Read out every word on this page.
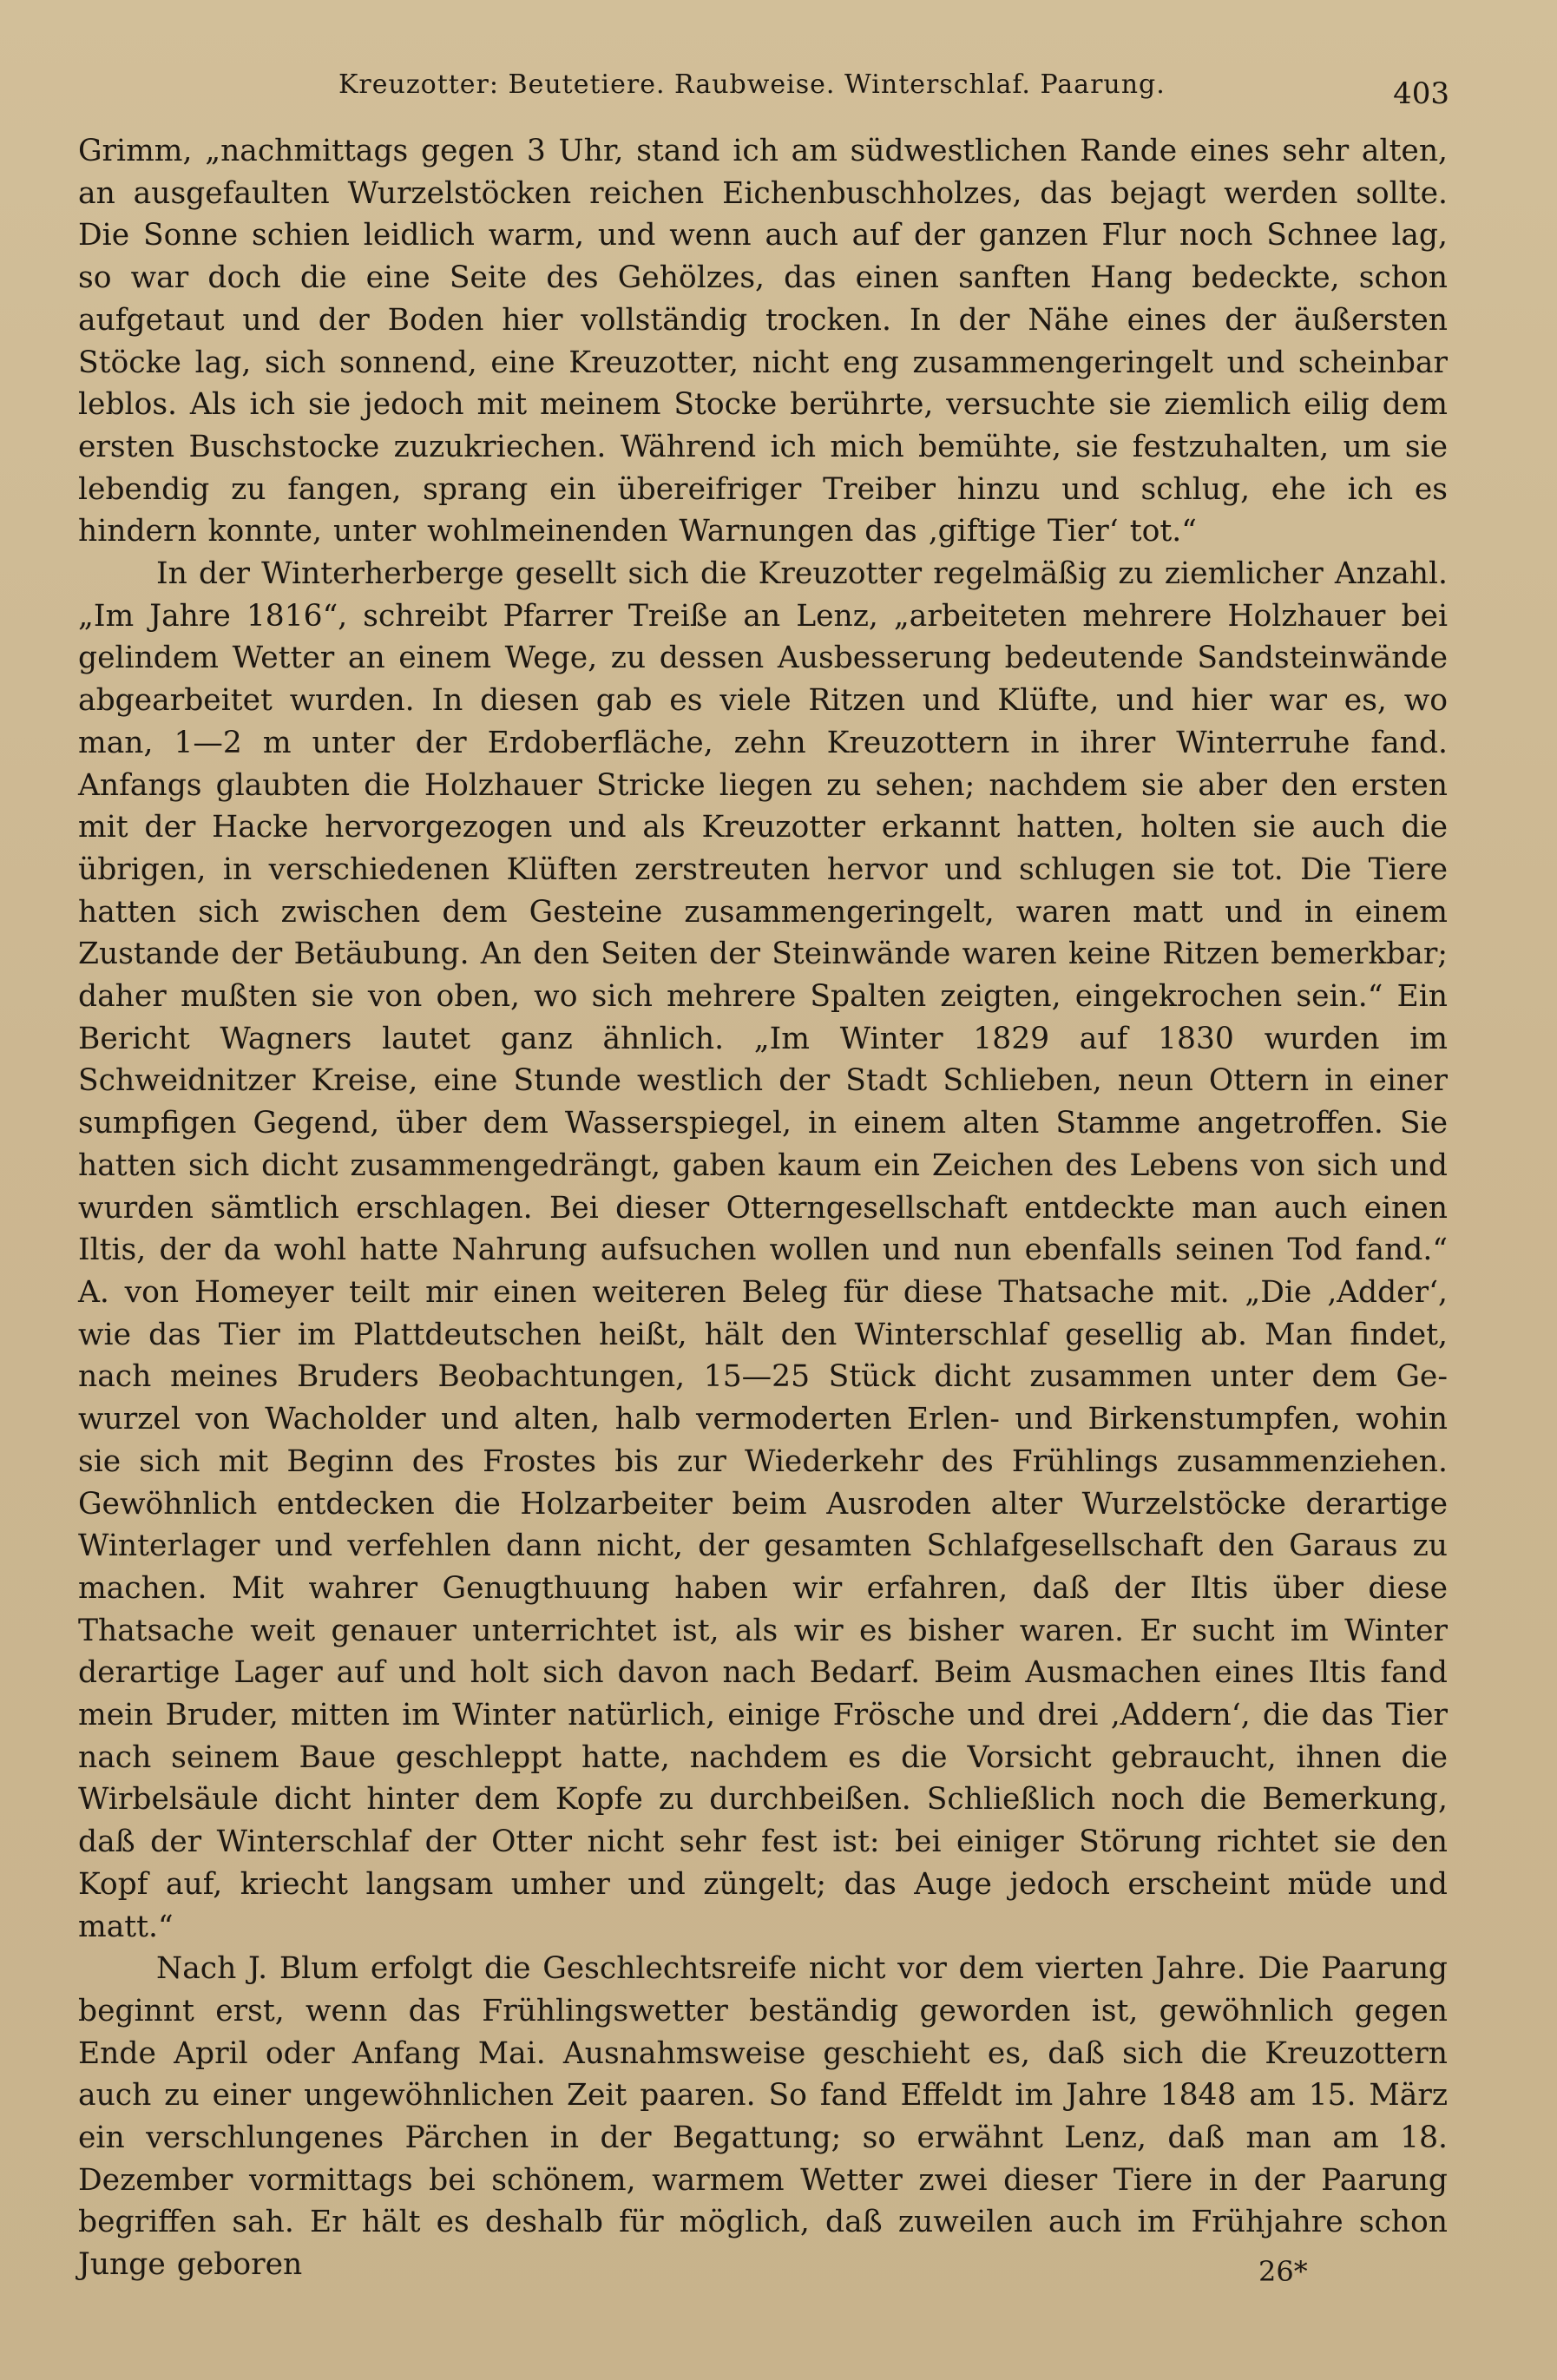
Kreuzotter: Beutetiere. Raubweise. Winterschlaf. Paarung.	403

Grimm, „nachmittags gegen 3 Uhr, stand ich am südwestlichen Rande eines sehr alten, an ausgefaulten Wurzelstöcken reichen Eichenbuschholzes, das bejagt werden sollte. Die Sonne schien leidlich warm, und wenn auch auf der ganzen Flur noch Schnee lag, so war doch die eine Seite des Gehölzes, das einen sanften Hang bedeckte, schon aufgetaut und der Boden hier vollständig trocken. In der Nähe eines der äußersten Stöcke lag, sich sonnend, eine Kreuzotter, nicht eng zusammengeringelt und scheinbar leblos. Als ich sie jedoch mit meinem Stocke berührte, versuchte sie ziemlich eilig dem ersten Buschstocke zuzukriechen. Während ich mich bemühte, sie festzuhalten, um sie lebendig zu fangen, sprang ein übereifriger Treiber hinzu und schlug, ehe ich es hindern konnte, unter wohlmeinenden Warnungen das ‚giftige Tier‘ tot.“

In der Winterherberge gesellt sich die Kreuzotter regelmäßig zu ziemlicher Anzahl. „Im Jahre 1816“, schreibt Pfarrer Treiße an Lenz, „arbeiteten mehrere Holzhauer bei gelindem Wetter an einem Wege, zu dessen Ausbesserung bedeutende Sandsteinwände abgearbeitet wurden. In diesen gab es viele Ritzen und Klüfte, und hier war es, wo man, 1—2 m unter der Erdoberfläche, zehn Kreuzottern in ihrer Winterruhe fand. Anfangs glaubten die Holzhauer Stricke liegen zu sehen; nachdem sie aber den ersten mit der Hacke hervorgezogen und als Kreuzotter erkannt hatten, holten sie auch die übrigen, in verschiedenen Klüften zerstreuten hervor und schlugen sie tot. Die Tiere hatten sich zwischen dem Gesteine zusammengeringelt, waren matt und in einem Zustande der Betäubung. An den Seiten der Steinwände waren keine Ritzen bemerkbar; daher mußten sie von oben, wo sich mehrere Spalten zeigten, eingekrochen sein.“ Ein Bericht Wagners lautet ganz ähnlich. „Im Winter 1829 auf 1830 wurden im Schweidnitzer Kreise, eine Stunde westlich der Stadt Schlieben, neun Ottern in einer sumpfigen Gegend, über dem Wasserspiegel, in einem alten Stamme angetroffen. Sie hatten sich dicht zusammengedrängt, gaben kaum ein Zeichen des Lebens von sich und wurden sämtlich erschlagen. Bei dieser Otterngesellschaft entdeckte man auch einen Iltis, der da wohl hatte Nahrung aufsuchen wollen und nun ebenfalls seinen Tod fand.“ A. von Homeyer teilt mir einen weiteren Beleg für diese Thatsache mit. „Die ‚Adder‘, wie das Tier im Plattdeutschen heißt, hält den Winterschlaf gesellig ab. Man findet, nach meines Bruders Beobachtungen, 15—25 Stück dicht zusammen unter dem Gewurzel von Wacholder und alten, halb vermoderten Erlen- und Birkenstumpfen, wohin sie sich mit Beginn des Frostes bis zur Wiederkehr des Frühlings zusammenziehen. Gewöhnlich entdecken die Holzarbeiter beim Ausroden alter Wurzelstöcke derartige Winterlager und verfehlen dann nicht, der gesamten Schlafgesellschaft den Garaus zu machen. Mit wahrer Genugthuung haben wir erfahren, daß der Iltis über diese Thatsache weit genauer unterrichtet ist, als wir es bisher waren. Er sucht im Winter derartige Lager auf und holt sich davon nach Bedarf. Beim Ausmachen eines Iltis fand mein Bruder, mitten im Winter natürlich, einige Frösche und drei ‚Addern‘, die das Tier nach seinem Baue geschleppt hatte, nachdem es die Vorsicht gebraucht, ihnen die Wirbelsäule dicht hinter dem Kopfe zu durchbeißen. Schließlich noch die Bemerkung, daß der Winterschlaf der Otter nicht sehr fest ist: bei einiger Störung richtet sie den Kopf auf, kriecht langsam umher und züngelt; das Auge jedoch erscheint müde und matt.“

Nach J. Blum erfolgt die Geschlechtsreife nicht vor dem vierten Jahre. Die Paarung beginnt erst, wenn das Frühlingswetter beständig geworden ist, gewöhnlich gegen Ende April oder Anfang Mai. Ausnahmsweise geschieht es, daß sich die Kreuzottern auch zu einer ungewöhnlichen Zeit paaren. So fand Effeldt im Jahre 1848 am 15. März ein verschlungenes Pärchen in der Begattung; so erwähnt Lenz, daß man am 18. Dezember vormittags bei schönem, warmem Wetter zwei dieser Tiere in der Paarung begriffen sah. Er hält es deshalb für möglich, daß zuweilen auch im Frühjahre schon Junge geboren	26*
